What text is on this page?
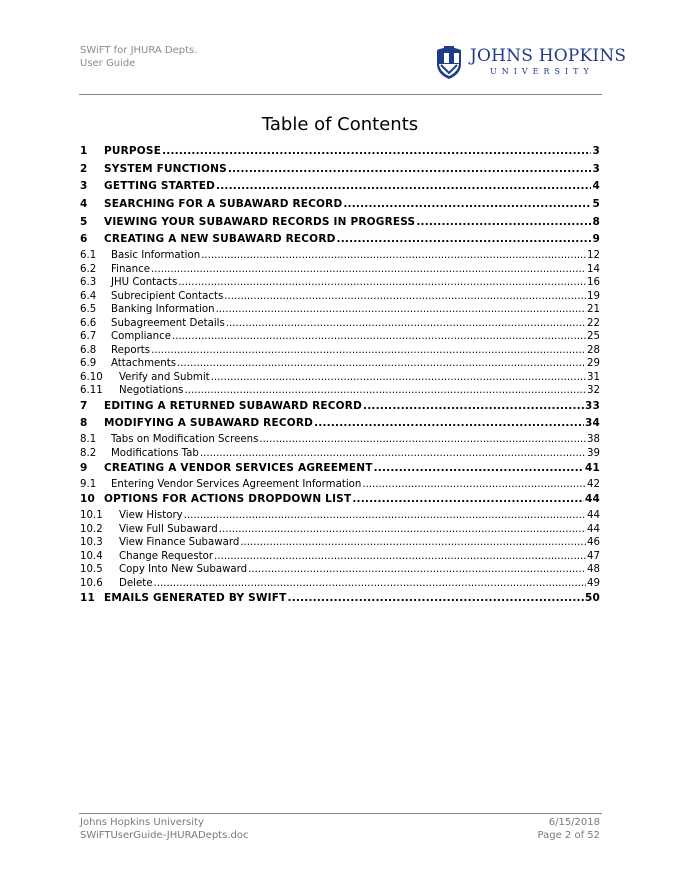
SWiFT for JHURA Depts.
User Guide	JOHNS HOPKINS
UNIVERSITY
Table of Contents
1	PURPOSE .....	3
2	SYSTEM FUNCTIONS .....	3
3	GETTING STARTED .....	4
4	SEARCHING FOR A SUBAWARD RECORD .....	5
5	VIEWING YOUR SUBAWARD RECORDS IN PROGRESS .....	8
6	CREATING A NEW SUBAWARD RECORD .....	9
6.1	Basic Information .....	12
6.2	Finance .....	14
6.3	JHU Contacts .....	16
6.4	Subrecipient Contacts .....	19
6.5	Banking Information .....	21
6.6	Subagreement Details .....	22
6.7	Compliance .....	25
6.8	Reports .....	28
6.9	Attachments .....	29
6.10	Verify and Submit .....	31
6.11	Negotiations .....	32
7	EDITING A RETURNED SUBAWARD RECORD .....	33
8	MODIFYING A SUBAWARD RECORD .....	34
8.1	Tabs on Modification Screens .....	38
8.2	Modifications Tab .....	39
9	CREATING A VENDOR SERVICES AGREEMENT .....	41
9.1	Entering Vendor Services Agreement Information .....	42
10 OPTIONS FOR ACTIONS DROPDOWN LIST .....	44
10.1	View History .....	44
10.2	View Full Subaward .....	44
10.3	View Finance Subaward .....	46
10.4	Change Requestor .....	47
10.5	Copy Into New Subaward .....	48
10.6	Delete .....	49
11 EMAILS GENERATED BY SWIFT .....	50
Johns Hopkins University
SWiFTUserGuide-JHURADepts.doc
6/15/2018
Page 2 of 52
